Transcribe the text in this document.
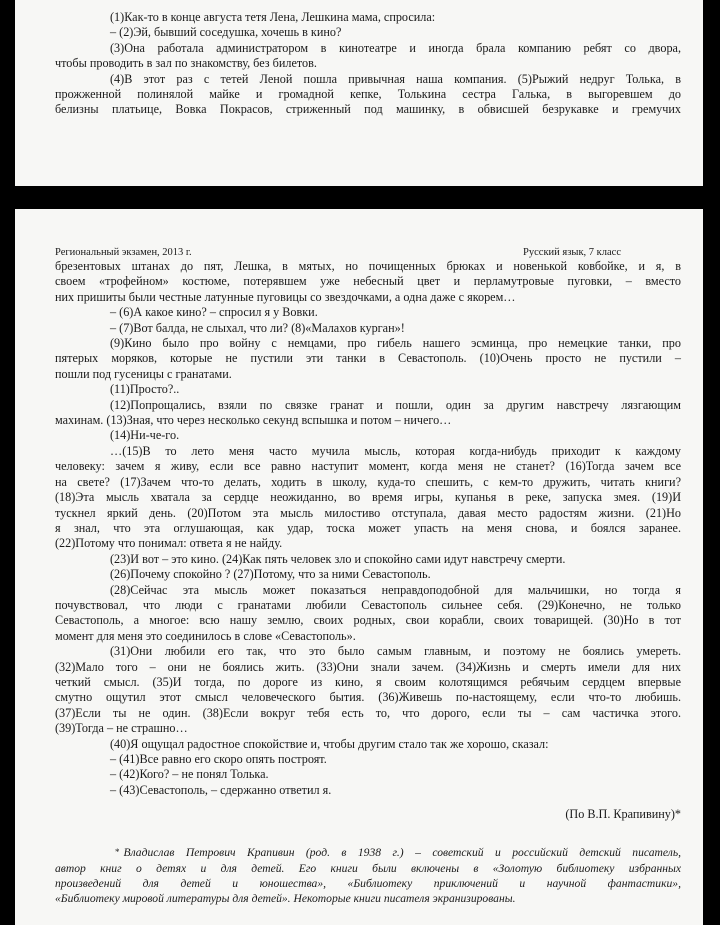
(1)Как-то в конце августа тетя Лена, Лешкина мама, спросила:
– (2)Эй, бывший соседушка, хочешь в кино?
(3)Она работала администратором в кинотеатре и иногда брала компанию ребят со двора,
чтобы проводить в зал по знакомству, без билетов.
(4)В этот раз с тетей Леной пошла привычная наша компания. (5)Рыжий недруг Толька, в
прожженной полинялой майке и громадной кепке, Толькина сестра Галька, в выгоревшем до
белизны платьице, Вовка Покрасов, стриженный под машинку, в обвисшей безрукавке и гремучих
Региональный экзамен, 2013 г.	Русский язык, 7 класс
брезентовых штанах до пят, Лешка, в мятых, но почищенных брюках и новенькой ковбойке, и я, в
своем «трофейном» костюме, потерявшем уже небесный цвет и перламутровые пуговки, – вместо
них пришиты были честные латунные пуговицы со звездочками, а одна даже с якорем…
– (6)А какое кино? – спросил я у Вовки.
– (7)Вот балда, не слыхал, что ли? (8)«Малахов курган»!
(9)Кино было про войну с немцами, про гибель нашего эсминца, про немецкие танки, про
пятерых моряков, которые не пустили эти танки в Севастополь. (10)Очень просто не пустили –
пошли под гусеницы с гранатами.
(11)Просто?..
(12)Попрощались, взяли по связке гранат и пошли, один за другим навстречу лязгающим
махинам. (13)Зная, что через несколько секунд вспышка и потом – ничего…
(14)Ни-че-го.
…(15)В то лето меня часто мучила мысль, которая когда-нибудь приходит к каждому
человеку: зачем я живу, если все равно наступит момент, когда меня не станет? (16)Тогда зачем все
на свете? (17)Зачем что-то делать, ходить в школу, куда-то спешить, с кем-то дружить, читать книги?
(18)Эта мысль хватала за сердце неожиданно, во время игры, купанья в реке, запуска змея. (19)И
тускнел яркий день. (20)Потом эта мысль милостиво отступала, давая место радостям жизни. (21)Но
я знал, что эта оглушающая, как удар, тоска может упасть на меня снова, и боялся заранее.
(22)Потому что понимал: ответа я не найду.
(23)И вот – это кино. (24)Как пять человек зло и спокойно сами идут навстречу смерти.
(26)Почему спокойно ? (27)Потому, что за ними Севастополь.
(28)Сейчас эта мысль может показаться неправдоподобной для мальчишки, но тогда я
почувствовал, что люди с гранатами любили Севастополь сильнее себя. (29)Конечно, не только
Севастополь, а многое: всю нашу землю, своих родных, свои корабли, своих товарищей. (30)Но в тот
момент для меня это соединилось в слове «Севастополь».
(31)Они любили его так, что это было самым главным, и поэтому не боялись умереть.
(32)Мало того – они не боялись жить. (33)Они знали зачем. (34)Жизнь и смерть имели для них
четкий смысл. (35)И тогда, по дороге из кино, я своим колотящимся ребячьим сердцем впервые
смутно ощутил этот смысл человеческого бытия. (36)Живешь по-настоящему, если что-то любишь.
(37)Если ты не один. (38)Если вокруг тебя есть то, что дорого, если ты – сам частичка этого.
(39)Тогда – не страшно…
(40)Я ощущал радостное спокойствие и, чтобы другим стало так же хорошо, сказал:
– (41)Все равно его скоро опять построят.
– (42)Кого? – не понял Толька.
– (43)Севастополь, – сдержанно ответил я.
(По В.П. Крапивину)*
* Владислав Петрович Крапивин (род. в 1938 г.) – советский и российский детский писатель,
автор книг о детях и для детей. Его книги были включены в «Золотую библиотеку избранных
произведений для детей и юношества», «Библиотеку приключений и научной фантастики»,
«Библиотеку мировой литературы для детей». Некоторые книги писателя экранизированы.
